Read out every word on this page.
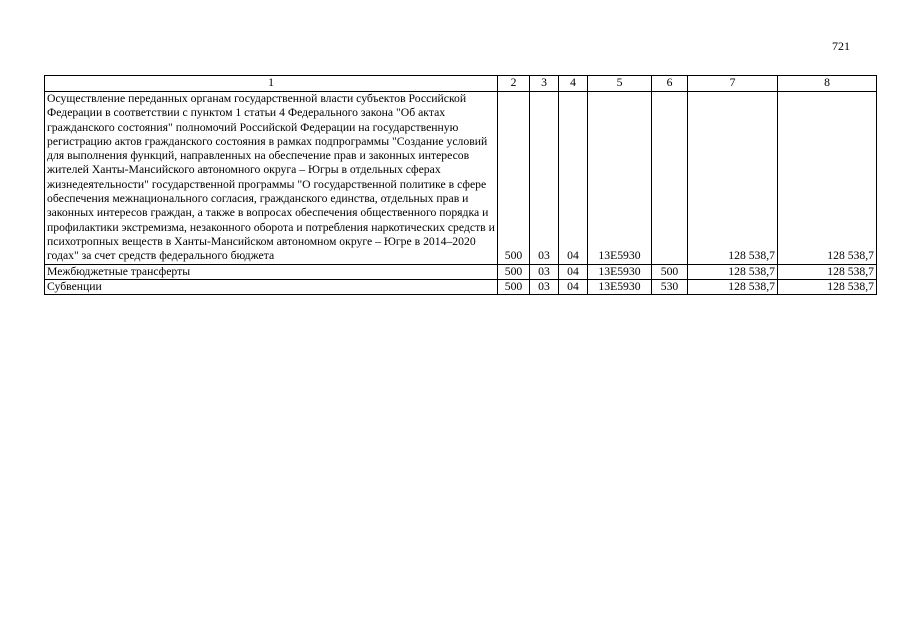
721
1	2	3	4	5	6	7	8
Осуществление переданных органам государственной власти субъектов Российской Федерации в соответствии с пунктом 1 статьи 4 Федерального закона "Об актах гражданского состояния" полномочий Российской Федерации на государственную регистрацию актов гражданского состояния в рамках подпрограммы "Создание условий для выполнения функций, направленных на обеспечение прав и законных интересов жителей Ханты-Мансийского автономного округа – Югры в отдельных сферах жизнедеятельности" государственной программы "О государственной политике в сфере обеспечения межнационального согласия, гражданского единства, отдельных прав и законных интересов граждан, а также в вопросах обеспечения общественного порядка и профилактики экстремизма, незаконного оборота и потребления наркотических средств и психотропных веществ в Ханты-Мансийском автономном округе – Югре в 2014–2020 годах" за счет средств федерального бюджета	500	03	04	13Е5930		128 538,7	128 538,7
Межбюджетные трансферты	500	03	04	13Е5930	500	128 538,7	128 538,7
Субвенции	500	03	04	13Е5930	530	128 538,7	128 538,7
